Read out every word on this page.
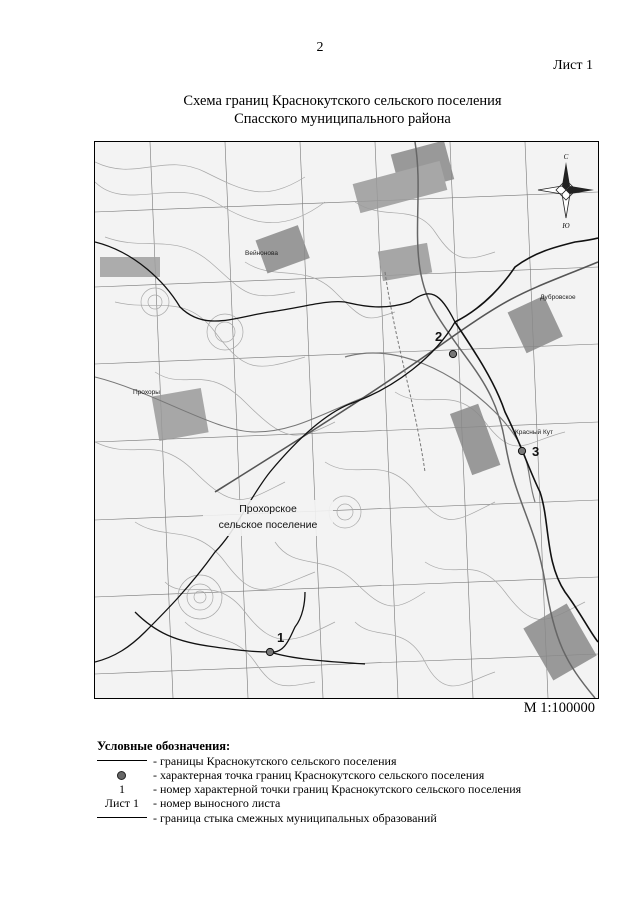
2
Лист 1
Схема границ Краснокутского сельского поселения
Спасского муниципального района
1
2
3
Красный Кут
Вейнонова
Дубровское
Прохоры
Прохорское
сельское поселение
С
Ю
М 1:100000
Условные обозначения:
- границы Краснокутского сельского поселения
- характерная точка границ Краснокутского сельского поселения
1	- номер характерной точки границ Краснокутского сельского поселения
Лист 1	- номер выносного листа
- граница стыка смежных муниципальных образований
